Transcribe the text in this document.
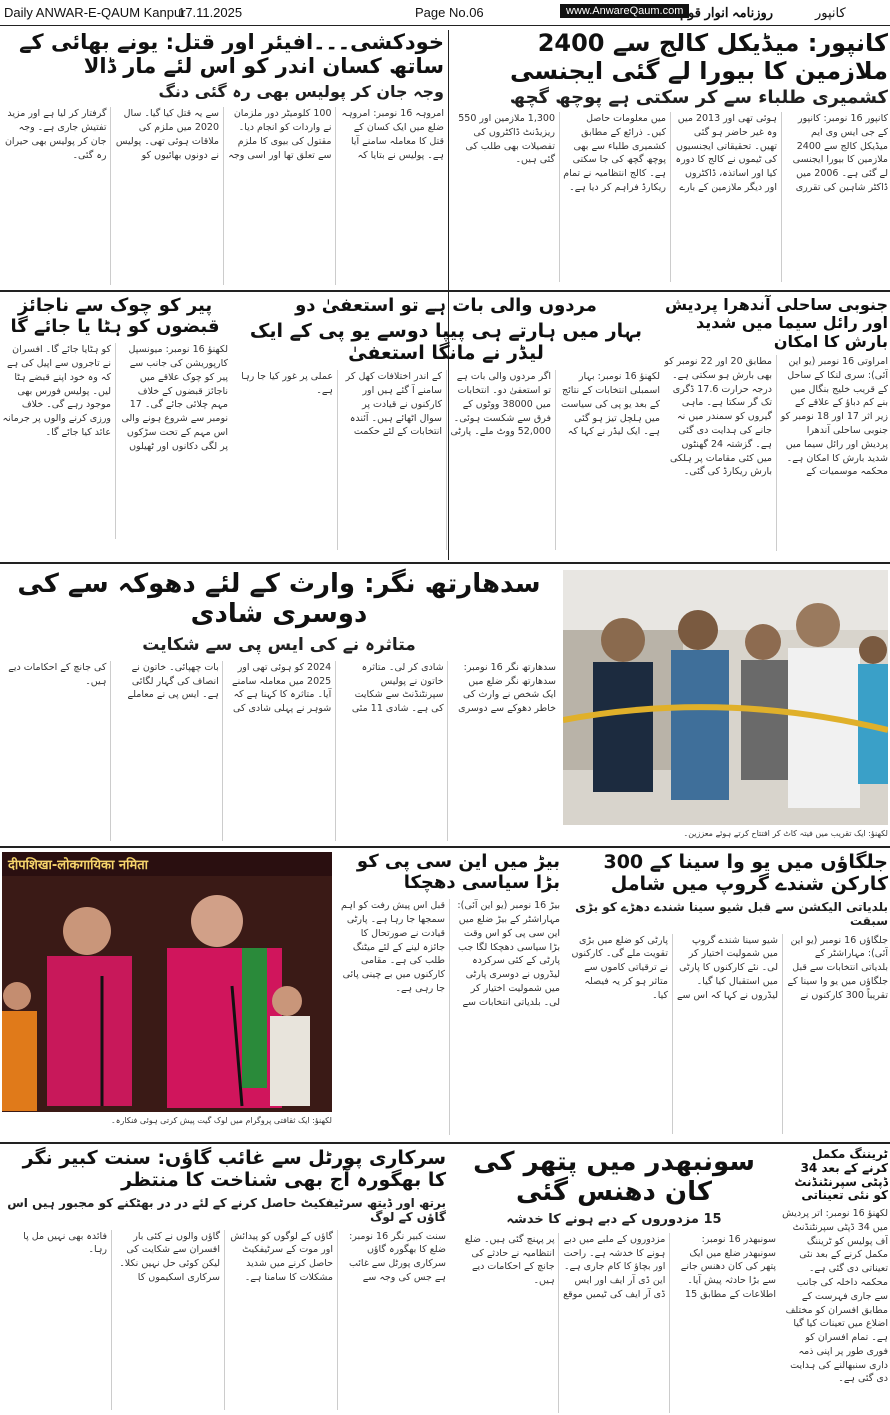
Daily ANWAR-E-QAUM Kanpur
17.11.2025	Page No.06	www.AnwareQaum.com
روزنامہ انوار قوم	کانپور
کانپور: میڈیکل کالج سے 2400 ملازمین کا بیورا لے گئی ایجنسی
کشمیری طلباء سے کر سکتی ہے پوچھ گچھ
کانپور 16 نومبر: کانپور کے جی ایس وی ایم میڈیکل کالج سے 2400 ملازمین کا بیورا ایجنسی لے گئی ہے۔ 2006 میں ڈاکٹر شاہین کی تقرری ہوئی تھی اور 2013 میں وہ غیر حاضر ہو گئی تھیں۔ تحقیقاتی ایجنسیوں کی ٹیموں نے کالج کا دورہ کیا اور اساتذہ، ڈاکٹروں اور دیگر ملازمین کے بارے میں معلومات حاصل کیں۔ ذرائع کے مطابق کشمیری طلباء سے بھی پوچھ گچھ کی جا سکتی ہے۔ کالج انتظامیہ نے تمام ریکارڈ فراہم کر دیا ہے۔ 1,300 ملازمین اور 550 ریزیڈنٹ ڈاکٹروں کی تفصیلات بھی طلب کی گئی ہیں۔
خودکشی۔۔۔افیئر اور قتل: یونے بھائی کے ساتھ کسان اندر کو اس لئے مار ڈالا
وجہ جان کر پولیس بھی رہ گئی دنگ
امروہہ 16 نومبر: امروہہ ضلع میں ایک کسان کے قتل کا معاملہ سامنے آیا ہے۔ پولیس نے بتایا کہ 100 کلومیٹر دور ملزمان نے واردات کو انجام دیا۔ مقتول کی بیوی کا ملزم سے تعلق تھا اور اسی وجہ سے یہ قتل کیا گیا۔ سال 2020 میں ملزم کی ملاقات ہوئی تھی۔ پولیس نے دونوں بھائیوں کو گرفتار کر لیا ہے اور مزید تفتیش جاری ہے۔ وجہ جان کر پولیس بھی حیران رہ گئی۔
جنوبی ساحلی آندھرا پردیش اور رائل سیما میں شدید بارش کا امکان
امراوتی 16 نومبر (یو این آئی): سری لنکا کے ساحل کے قریب خلیج بنگال میں بنے کم دباؤ کے علاقے کے زیر اثر 17 اور 18 نومبر کو جنوبی ساحلی آندھرا پردیش اور رائل سیما میں شدید بارش کا امکان ہے۔ محکمہ موسمیات کے مطابق 20 اور 22 نومبر کو بھی بارش ہو سکتی ہے۔ درجہ حرارت 17.6 ڈگری تک گر سکتا ہے۔ ماہی گیروں کو سمندر میں نہ جانے کی ہدایت دی گئی ہے۔ گزشتہ 24 گھنٹوں میں کئی مقامات پر ہلکی بارش ریکارڈ کی گئی۔
مردوں والی بات ہے تو استعفیٰ دو
بہار میں ہارتے ہی پیپا دوسے یو پی کے ایک لیڈر نے مانگا استعفیٰ
لکھنؤ 16 نومبر: بہار اسمبلی انتخابات کے نتائج کے بعد یو پی کی سیاست میں ہلچل تیز ہو گئی ہے۔ ایک لیڈر نے کہا کہ اگر مردوں والی بات ہے تو استعفیٰ دو۔ انتخابات میں 38000 ووٹوں کے فرق سے شکست ہوئی۔ 52,000 ووٹ ملے۔ پارٹی کے اندر اختلافات کھل کر سامنے آ گئے ہیں اور کارکنوں نے قیادت پر سوال اٹھائے ہیں۔ آئندہ انتخابات کے لئے حکمت عملی پر غور کیا جا رہا ہے۔
پیر کو چوک سے ناجائز قبضوں کو ہٹا یا جائے گا
لکھنؤ 16 نومبر: میونسپل کارپوریشن کی جانب سے پیر کو چوک علاقے میں ناجائز قبضوں کے خلاف مہم چلائی جائے گی۔ 17 نومبر سے شروع ہونے والی اس مہم کے تحت سڑکوں پر لگی دکانوں اور ٹھیلوں کو ہٹایا جائے گا۔ افسران نے تاجروں سے اپیل کی ہے کہ وہ خود اپنے قبضے ہٹا لیں۔ پولیس فورس بھی موجود رہے گی۔ خلاف ورزی کرنے والوں پر جرمانہ عائد کیا جائے گا۔
لکھنؤ: ایک تقریب میں فیتہ کاٹ کر افتتاح کرتے ہوئے معززین۔
سدھارتھ نگر: وارث کے لئے دھوکہ سے کی دوسری شادی
متاثرہ نے کی ایس پی سے شکایت
سدھارتھ نگر 16 نومبر: سدھارتھ نگر ضلع میں ایک شخص نے وارث کی خاطر دھوکے سے دوسری شادی کر لی۔ متاثرہ خاتون نے پولیس سپرنٹنڈنٹ سے شکایت کی ہے۔ شادی 11 مئی 2024 کو ہوئی تھی اور 2025 میں معاملہ سامنے آیا۔ متاثرہ کا کہنا ہے کہ شوہر نے پہلی شادی کی بات چھپائی۔ خاتون نے انصاف کی گہار لگائی ہے۔ ایس پی نے معاملے کی جانچ کے احکامات دیے ہیں۔
جلگاؤں میں یو وا سینا کے 300 کارکن شندے گروپ میں شامل
بلدیاتی الیکشن سے قبل شیو سینا شندے دھڑے کو بڑی سبقت
جلگاؤں 16 نومبر (یو این آئی): مہاراشٹر کے بلدیاتی انتخابات سے قبل جلگاؤں میں یو وا سینا کے تقریباً 300 کارکنوں نے شیو سینا شندے گروپ میں شمولیت اختیار کر لی۔ نئے کارکنوں کا پارٹی میں استقبال کیا گیا۔ لیڈروں نے کہا کہ اس سے پارٹی کو ضلع میں بڑی تقویت ملے گی۔ کارکنوں نے ترقیاتی کاموں سے متاثر ہو کر یہ فیصلہ کیا۔
بیڑ میں این سی پی کو بڑا سیاسی دھچکا
بیڑ 16 نومبر (یو این آئی): مہاراشٹر کے بیڑ ضلع میں این سی پی کو اس وقت بڑا سیاسی دھچکا لگا جب پارٹی کے کئی سرکردہ لیڈروں نے دوسری پارٹی میں شمولیت اختیار کر لی۔ بلدیاتی انتخابات سے قبل اس پیش رفت کو اہم سمجھا جا رہا ہے۔ پارٹی قیادت نے صورتحال کا جائزہ لینے کے لئے میٹنگ طلب کی ہے۔ مقامی کارکنوں میں بے چینی پائی جا رہی ہے۔
दीपशिखा-लोकगायिका नमिता
لکھنؤ: ایک ثقافتی پروگرام میں لوک گیت پیش کرتی ہوئی فنکارہ۔
ٹریننگ مکمل کرنے کے بعد 34 ڈپٹی سپرنٹنڈنٹ کو نئی تعیناتی
لکھنؤ 16 نومبر: اتر پردیش میں 34 ڈپٹی سپرنٹنڈنٹ آف پولیس کو ٹریننگ مکمل کرنے کے بعد نئی تعیناتی دی گئی ہے۔ محکمہ داخلہ کی جانب سے جاری فہرست کے مطابق افسران کو مختلف اضلاع میں تعینات کیا گیا ہے۔ تمام افسران کو فوری طور پر اپنی ذمہ داری سنبھالنے کی ہدایت دی گئی ہے۔
سونبھدر میں پتھر کی کان دھنس گئی
15 مزدوروں کے دبے ہونے کا خدشہ
سونبھدر 16 نومبر: سونبھدر ضلع میں ایک پتھر کی کان دھنس جانے سے بڑا حادثہ پیش آیا۔ اطلاعات کے مطابق 15 مزدوروں کے ملبے میں دبے ہونے کا خدشہ ہے۔ راحت اور بچاؤ کا کام جاری ہے۔ این ڈی آر ایف اور ایس ڈی آر ایف کی ٹیمیں موقع پر پہنچ گئی ہیں۔ ضلع انتظامیہ نے حادثے کی جانچ کے احکامات دیے ہیں۔
سرکاری پورٹل سے غائب گاؤں: سنت کبیر نگر کا بھگورہ آج بھی شناخت کا منتظر
برتھ اور ڈیتھ سرٹیفکیٹ حاصل کرنے کے لئے در در بھٹکنے کو مجبور ہیں اس گاؤں کے لوگ
سنت کبیر نگر 16 نومبر: ضلع کا بھگورہ گاؤں سرکاری پورٹل سے غائب ہے جس کی وجہ سے گاؤں کے لوگوں کو پیدائش اور موت کے سرٹیفکیٹ حاصل کرنے میں شدید مشکلات کا سامنا ہے۔ گاؤں والوں نے کئی بار افسران سے شکایت کی لیکن کوئی حل نہیں نکلا۔ سرکاری اسکیموں کا فائدہ بھی نہیں مل پا رہا۔
